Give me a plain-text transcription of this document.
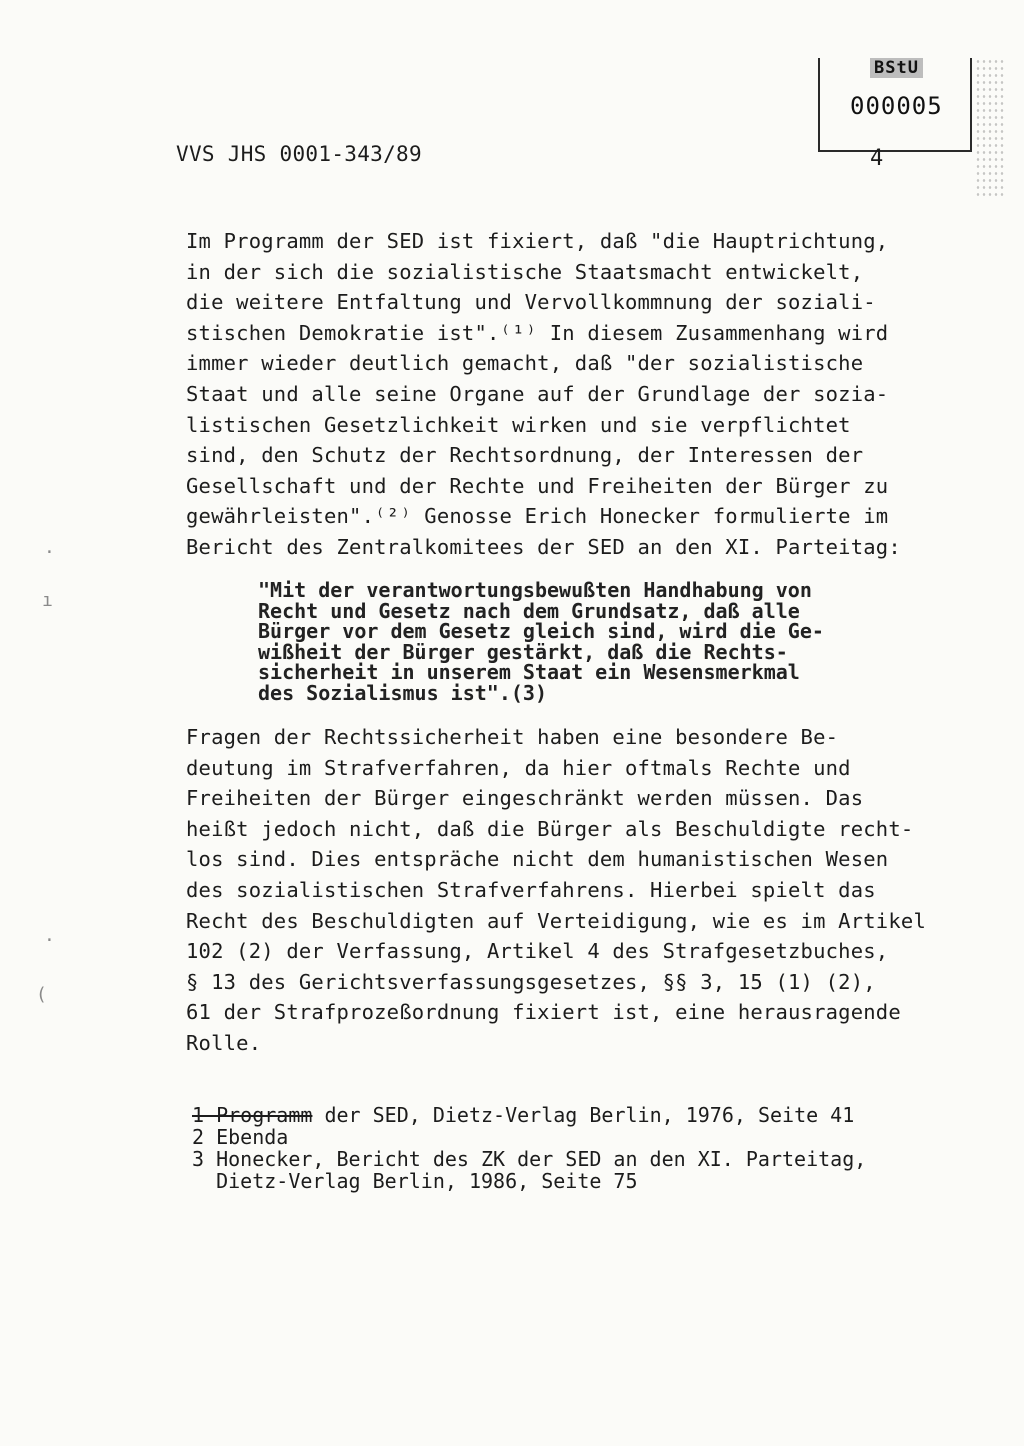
BStU
000005
VVS JHS 0001-343/89	4
Im Programm der SED ist fixiert, daß "die Hauptrichtung,
in der sich die sozialistische Staatsmacht entwickelt,
die weitere Entfaltung und Vervollkommnung der soziali-
stischen Demokratie ist".⁽¹⁾ In diesem Zusammenhang wird
immer wieder deutlich gemacht, daß "der sozialistische
Staat und alle seine Organe auf der Grundlage der sozia-
listischen Gesetzlichkeit wirken und sie verpflichtet
sind, den Schutz der Rechtsordnung, der Interessen der
Gesellschaft und der Rechte und Freiheiten der Bürger zu
gewährleisten".⁽²⁾ Genosse Erich Honecker formulierte im
Bericht des Zentralkomitees der SED an den XI. Parteitag:
"Mit der verantwortungsbewußten Handhabung von
Recht und Gesetz nach dem Grundsatz, daß alle
Bürger vor dem Gesetz gleich sind, wird die Ge-
wißheit der Bürger gestärkt, daß die Rechts-
sicherheit in unserem Staat ein Wesensmerkmal
des Sozialismus ist".(3)
Fragen der Rechtssicherheit haben eine besondere Be-
deutung im Strafverfahren, da hier oftmals Rechte und
Freiheiten der Bürger eingeschränkt werden müssen. Das
heißt jedoch nicht, daß die Bürger als Beschuldigte recht-
los sind. Dies entspräche nicht dem humanistischen Wesen
des sozialistischen Strafverfahrens. Hierbei spielt das
Recht des Beschuldigten auf Verteidigung, wie es im Artikel
102 (2) der Verfassung, Artikel 4 des Strafgesetzbuches,
§ 13 des Gerichtsverfassungsgesetzes, §§ 3, 15 (1) (2),
61 der Strafprozeßordnung fixiert ist, eine herausragende
Rolle.
1 Programm der SED, Dietz-Verlag Berlin, 1976, Seite 41
2 Ebenda
3 Honecker, Bericht des ZK der SED an den XI. Parteitag,
Dietz-Verlag Berlin, 1986, Seite 75
·
ı
·
(
